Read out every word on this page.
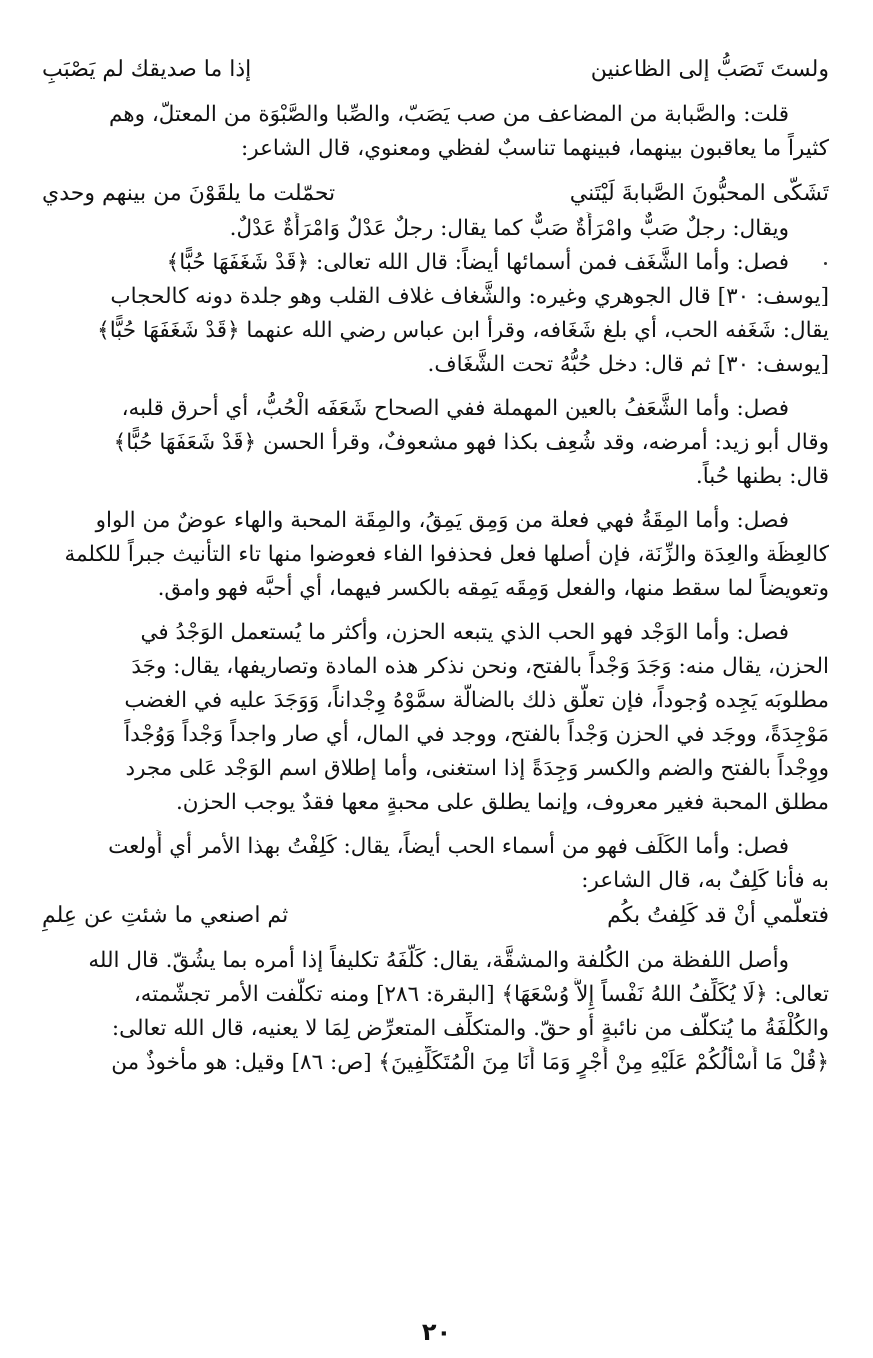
ولستَ تَصَبُّ إلى الظاعنين
إذا ما صديقك لم يَصْبَبِ
قلت: والصَّبابة من المضاعف من صب يَصَبّ، والصِّبا والصَّبْوَة من المعتلّ، وهم
كثيراً ما يعاقبون بينهما، فبينهما تناسبٌ لفظي ومعنوي، قال الشاعر:
تَشَكّى المحبُّونَ الصَّبابةَ لَيْتَني
تحمّلت ما يلقَوْنَ من بينهم وحدي
ويقال: رجلٌ صَبٌّ وامْرَأَةٌ صَبٌّ كما يقال: رجلٌ عَدْلٌ وَامْرَأَةٌ عَدْلٌ.
فصل: وأما الشَّغَف فمن أسمائها أيضاً: قال الله تعالى: ﴿قَدْ شَغَفَهَا حُبًّا﴾
[يوسف: ٣٠] قال الجوهري وغيره: والشَّغاف غلاف القلب وهو جلدة دونه كالحجاب
يقال: شَغَفه الحب، أي بلغ شَغَافه، وقرأ ابن عباس رضي الله عنهما ﴿قَدْ شَغَفَهَا حُبًّا﴾
[يوسف: ٣٠] ثم قال: دخل حُبُّهُ تحت الشَّغَاف.
فصل: وأما الشَّعَفُ بالعين المهملة ففي الصحاح شَعَفَه الْحُبُّ، أي أحرق قلبه،
وقال أبو زيد: أمرضه، وقد شُعِف بكذا فهو مشعوفٌ، وقرأ الحسن ﴿قَدْ شَعَفَهَا حُبًّا﴾
قال: بطنها حُباً.
فصل: وأما المِقَةُ فهي فعلة من وَمِق يَمِقُ، والمِقَة المحبة والهاء عوضٌ من الواو
كالعِظَة والعِدَة والزِّنَة، فإن أصلها فعل فحذفوا الفاء فعوضوا منها تاء التأنيث جبراً للكلمة
وتعويضاً لما سقط منها، والفعل وَمِقَه يَمِقه بالكسر فيهما، أي أحبَّه فهو وامق.
فصل: وأما الوَجْد فهو الحب الذي يتبعه الحزن، وأكثر ما يُستعمل الوَجْدُ في
الحزن، يقال منه: وَجَدَ وَجْداً بالفتح، ونحن نذكر هذه المادة وتصاريفها، يقال: وجَدَ
مطلوبَه يَجِده وُجوداً، فإن تعلّق ذلك بالضالّة سمَّوْهُ وِجْداناً، وَوَجَدَ عليه في الغضب
مَوْجِدَةً، ووجَد في الحزن وَجْداً بالفتح، ووجد في المال، أي صار واجداً وَجْداً وَوُجْداً
ووِجْداً بالفتح والضم والكسر وَجِدَةً إذا استغنى، وأما إطلاق اسم الوَجْد عَلى مجرد
مطلق المحبة فغير معروف، وإنما يطلق على محبةٍ معها فقدٌ يوجب الحزن.
فصل: وأما الكَلَف فهو من أسماء الحب أيضاً، يقال: كَلِفْتُ بهذا الأمر أي أُولعت
به فأنا كَلِفٌ به، قال الشاعر:
فتعلّمي أنْ قد كَلِفتُ بكُم
ثم اصنعي ما شئتِ عن عِلمِ
وأصل اللفظة من الكُلفة والمشقَّة، يقال: كَلَّفَهُ تكليفاً إذا أمره بما يشُقّ. قال الله
تعالى: ﴿لَا يُكَلِّفُ اللهُ نَفْساً إِلاَّ وُسْعَهَا﴾ [البقرة: ٢٨٦] ومنه تكلّفت الأمر تجشّمته،
والكُلْفَةُ ما يُتكلّف من نائبةٍ أو حقّ. والمتكلِّف المتعرِّض لِمَا لا يعنيه، قال الله تعالى:
﴿قُلْ مَا أَسْأَلُكُمْ عَلَيْهِ مِنْ أَجْرٍ وَمَا أَنَا مِنَ الْمُتَكَلِّفِينَ﴾ [ص: ٨٦] وقيل: هو مأخوذٌ من
٢٠
